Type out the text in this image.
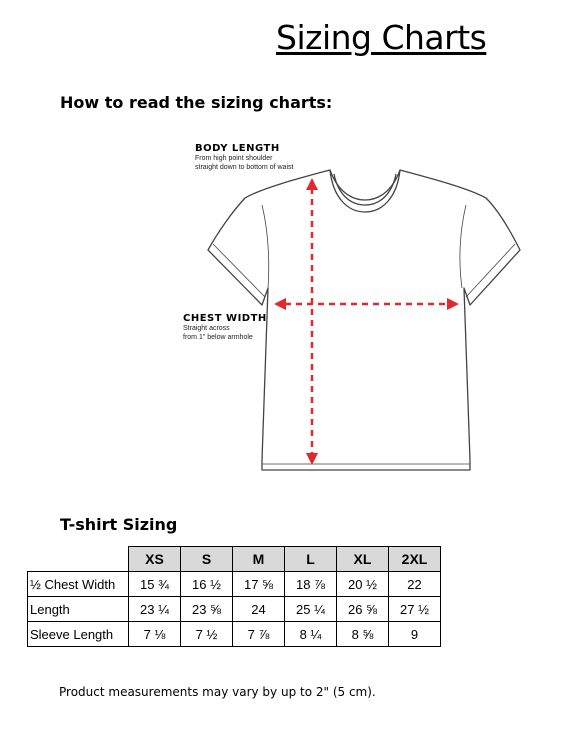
Sizing Charts
How to read the sizing charts:
BODY LENGTH
From high point shoulder
straight down to bottom of waist
CHEST WIDTH
Straight across
from 1" below armhole
T-shirt Sizing
	XS	S	M	L	XL	2XL
½ Chest Width	15 ¾	16 ½	17 ⅝	18 ⅞	20 ½	22
Length	23 ¼	23 ⅝	24	25 ¼	26 ⅝	27 ½
Sleeve Length	7 ⅛	7 ½	7 ⅞	8 ¼	8 ⅝	9
Product measurements may vary by up to 2" (5 cm).
